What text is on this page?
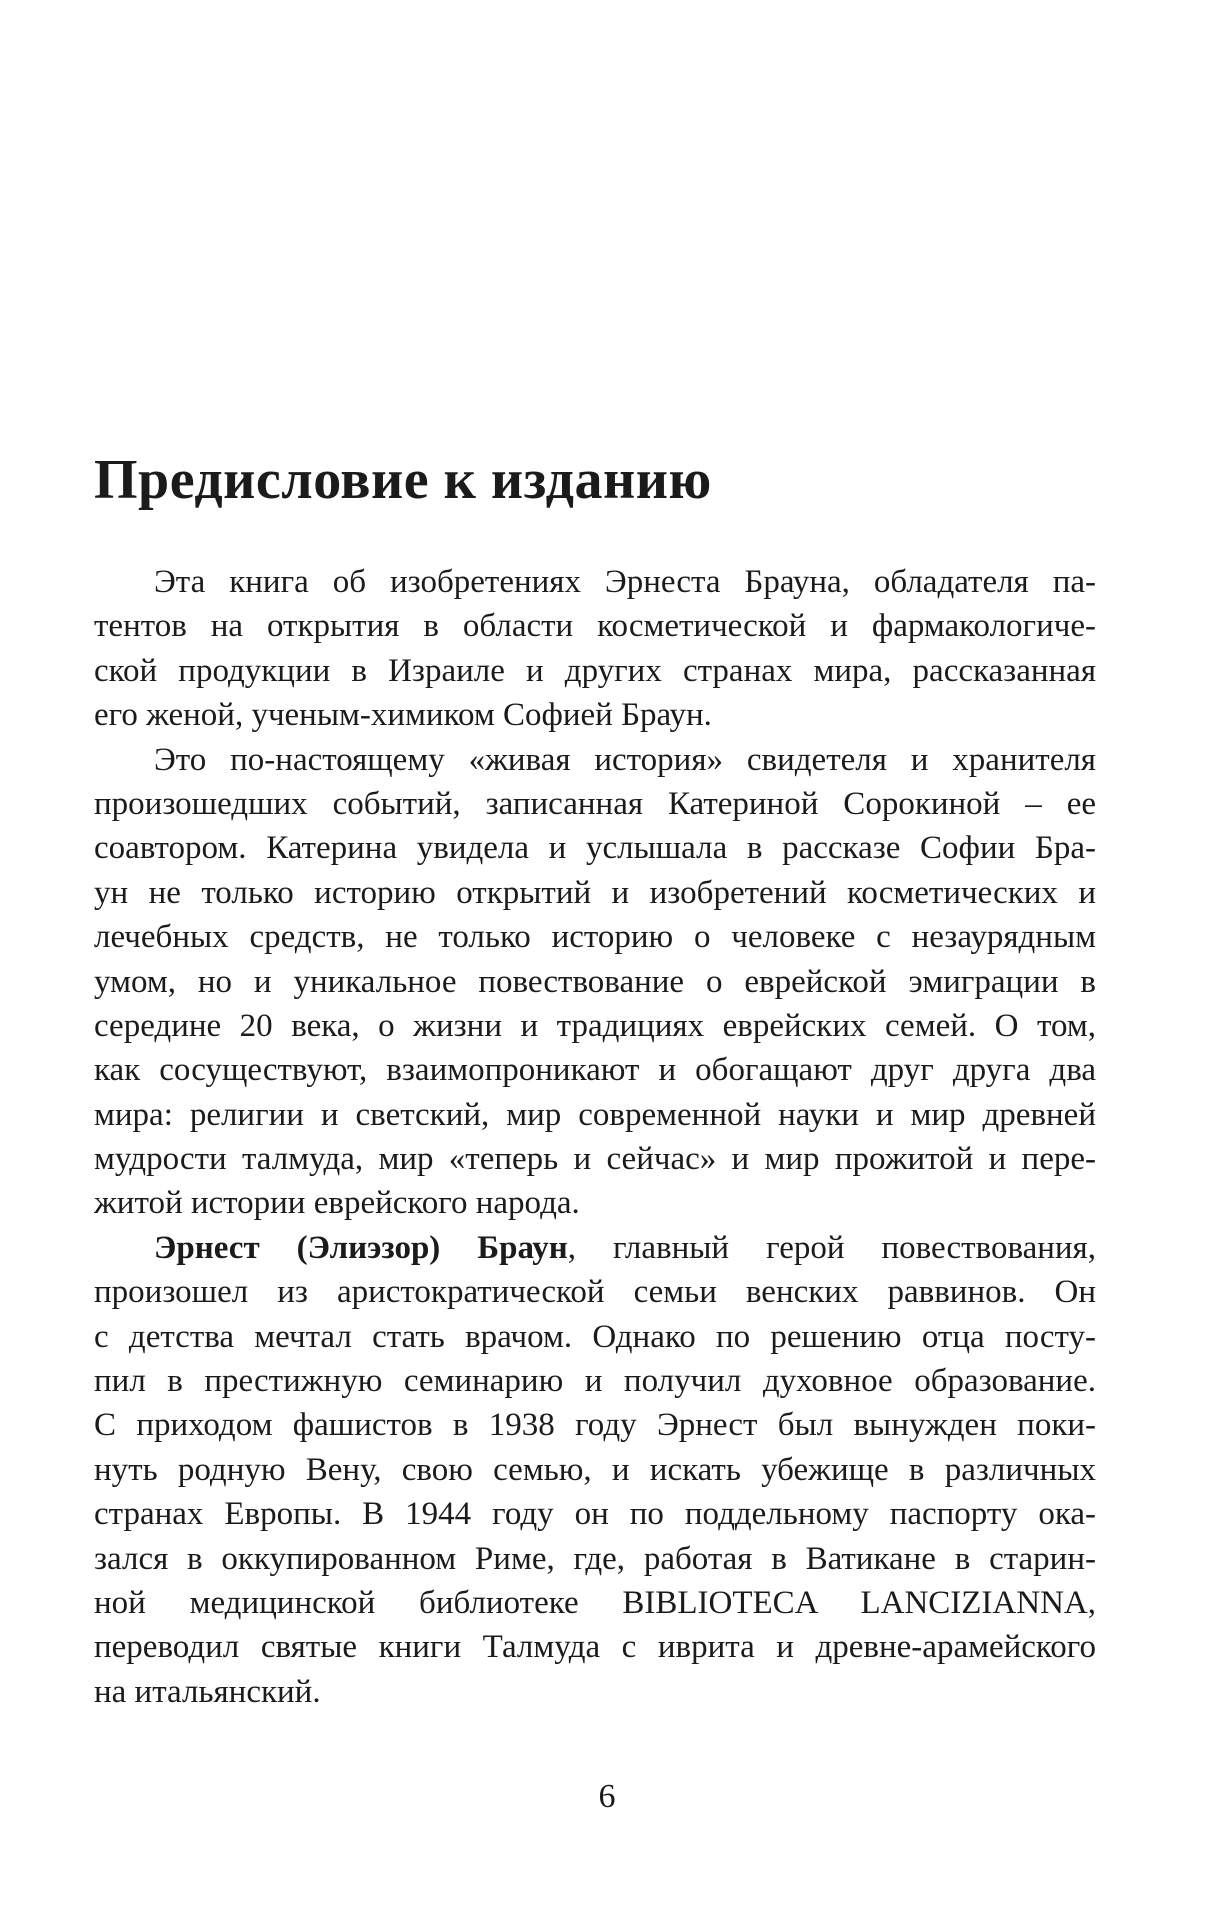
Предисловие к изданию
Эта книга об изобретениях Эрнеста Брауна, обладателя па-
тентов на открытия в области косметической и фармакологиче-
ской продукции в Израиле и других странах мира, рассказанная
его женой, ученым-химиком Софией Браун.
Это по-настоящему «живая история» свидетеля и хранителя
произошедших событий, записанная Катериной Сорокиной – ее
соавтором. Катерина увидела и услышала в рассказе Софии Бра-
ун не только историю открытий и изобретений косметических и
лечебных средств, не только историю о человеке с незаурядным
умом, но и уникальное повествование о еврейской эмиграции в
середине 20 века, о жизни и традициях еврейских семей. О том,
как сосуществуют, взаимопроникают и обогащают друг друга два
мира: религии и светский, мир современной науки и мир древней
мудрости талмуда, мир «теперь и сейчас» и мир прожитой и пере-
житой истории еврейского народа.
Эрнест (Элиэзор) Браун, главный герой повествования,
произошел из аристократической семьи венских раввинов. Он
с детства мечтал стать врачом. Однако по решению отца посту-
пил в престижную семинарию и получил духовное образование.
С приходом фашистов в 1938 году Эрнест был вынужден поки-
нуть родную Вену, свою семью, и искать убежище в различных
странах Европы. В 1944 году он по поддельному паспорту ока-
зался в оккупированном Риме, где, работая в Ватикане в старин-
ной медицинской библиотеке BIBLIOTECA LANCIZIANNA,
переводил святые книги Талмуда с иврита и древне-арамейского
на итальянский.
6
